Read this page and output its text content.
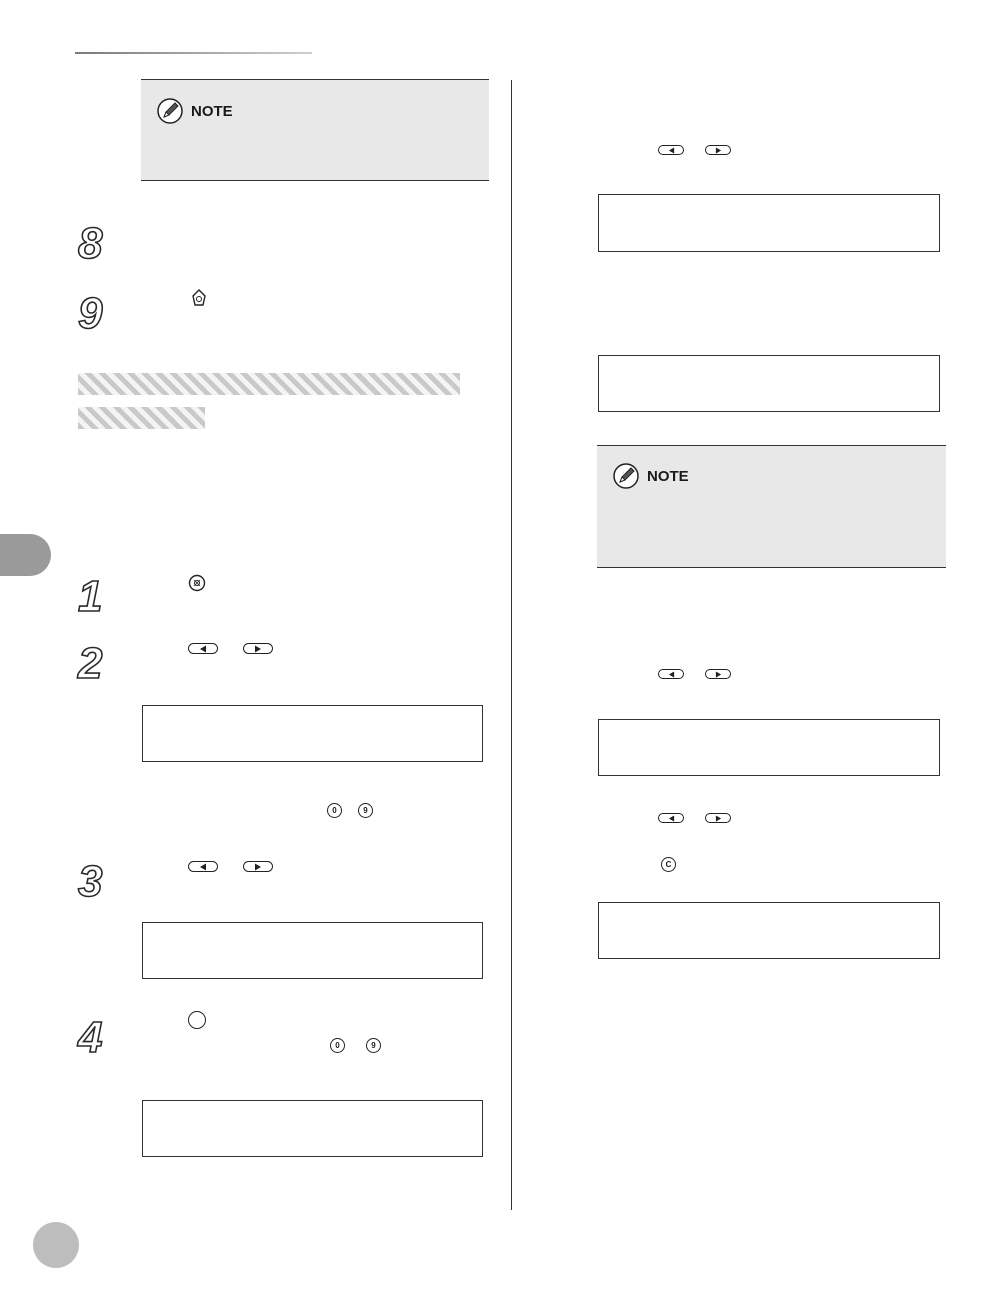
NOTE
8
9
1
2
0	9
3
4	0	9
NOTE
C
